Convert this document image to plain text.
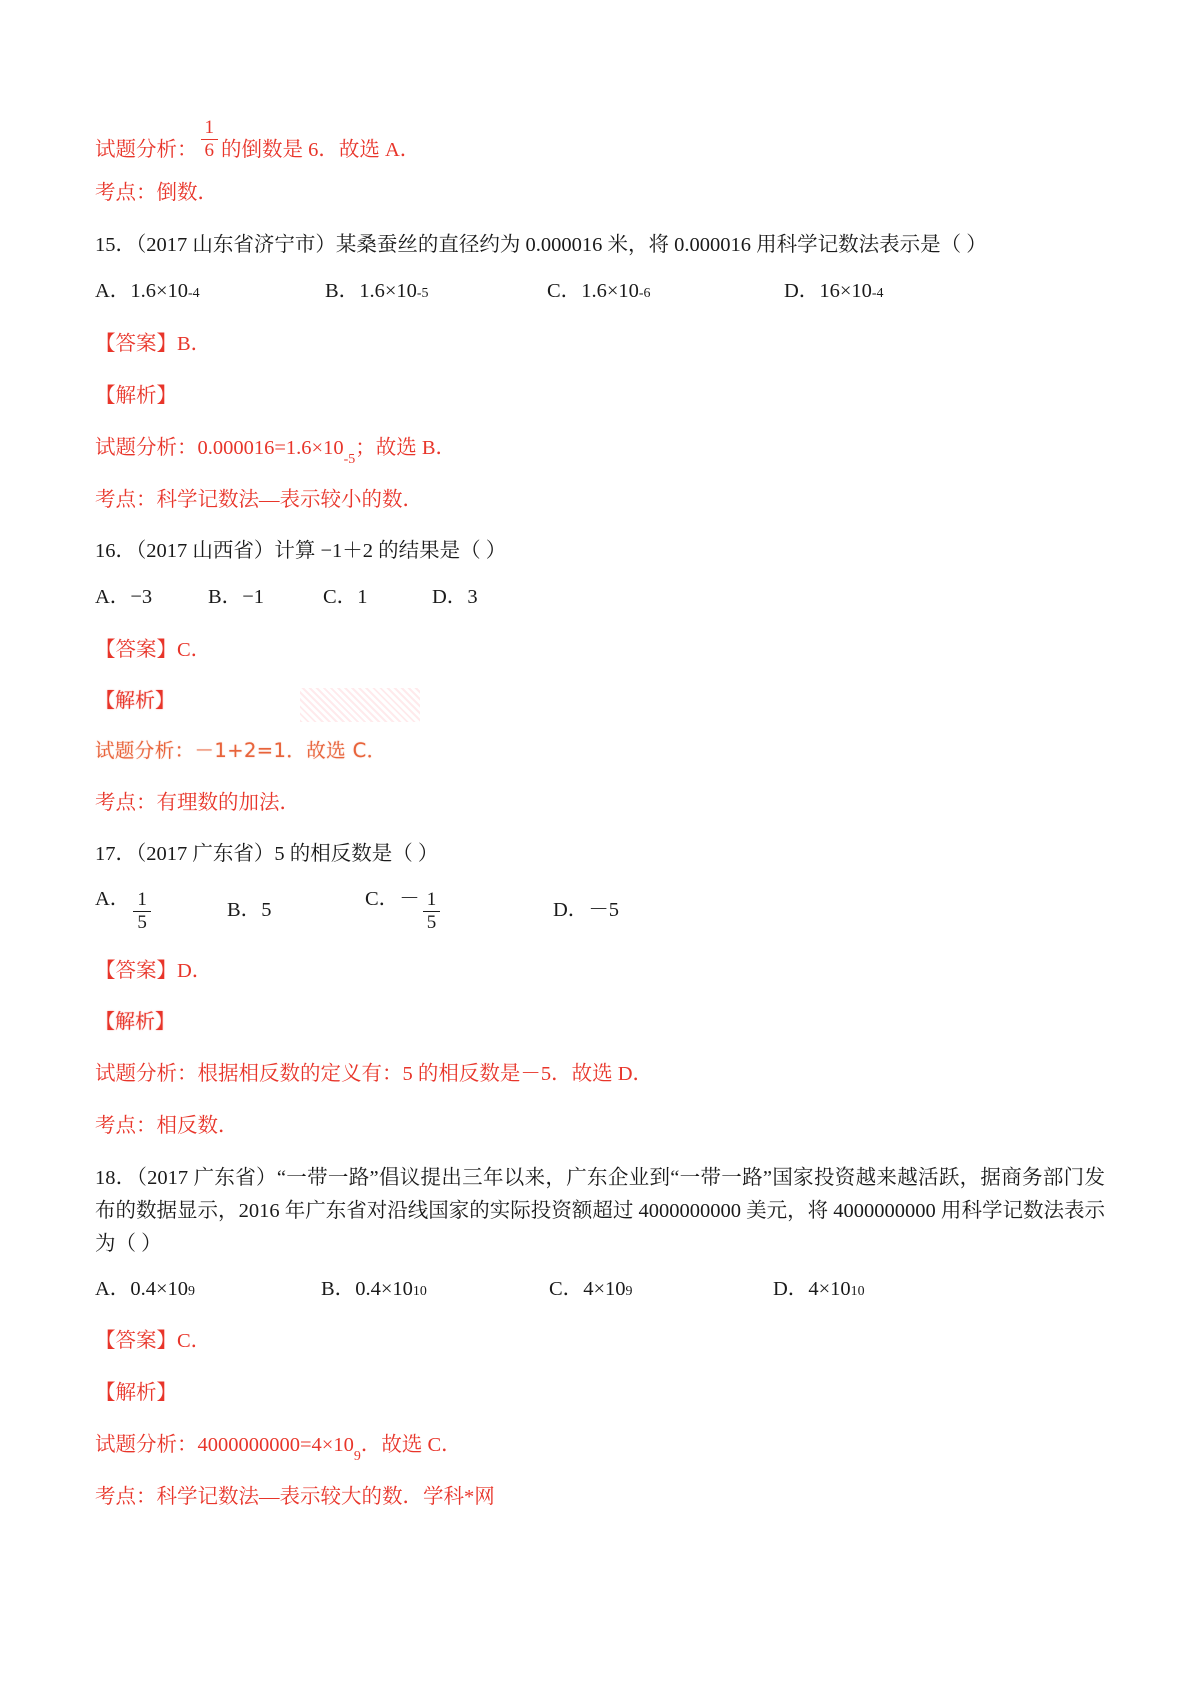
试题分析： $\frac{1}{6}$ 的倒数是 6．故选 A．
考点： 倒数．
15．（2017 山东省济宁市）某桑蚕丝的直径约为 0.000016 米，将 0.000016 用科学记数法表示是（ ）
A． 1.6×10 -4	B． 1.6×10 -5	C． 1.6×10 -6	D． 16×10 -4
【答案】 B．
【解析】
试题分析： 0.000016=1.6×10
-5
；故选 B．
考点： 科学记数法—表示较小的数．
16．（2017 山西省）计算 −1＋2 的结果是（ ）
A． −3	B． −1	C． 1	D． 3
【答案】 C．
【解析】
试题分析：－1+2=1．故选 C．
考点： 有理数的加法．
17．（2017 广东省）5 的相反数是（ ）
A． $\frac{1}{5}$	B． 5	C． － $\frac{1}{5}$	D． －5
【答案】 D．
【解析】
试题分析：根据相反数的定义有：5 的相反数是－5．故选 D．
考点： 相反数．
18．（2017 广东省）“一带一路”倡议提出三年以来，广东企业到“一带一路”国家投资越来越活跃，据商务部门发布的数据显示，2016 年广东省对沿线国家的实际投资额超过 4000000000 美元，将 4000000000 用科学记数法表示为（ ）
A． 0.4×10 9	B． 0.4×10 10	C． 4×10 9	D． 4×10 10
【答案】 C．
【解析】
试题分析：4000000000=4×10
9
．故选 C．
考点： 科学记数法—表示较大的数．学科*网
